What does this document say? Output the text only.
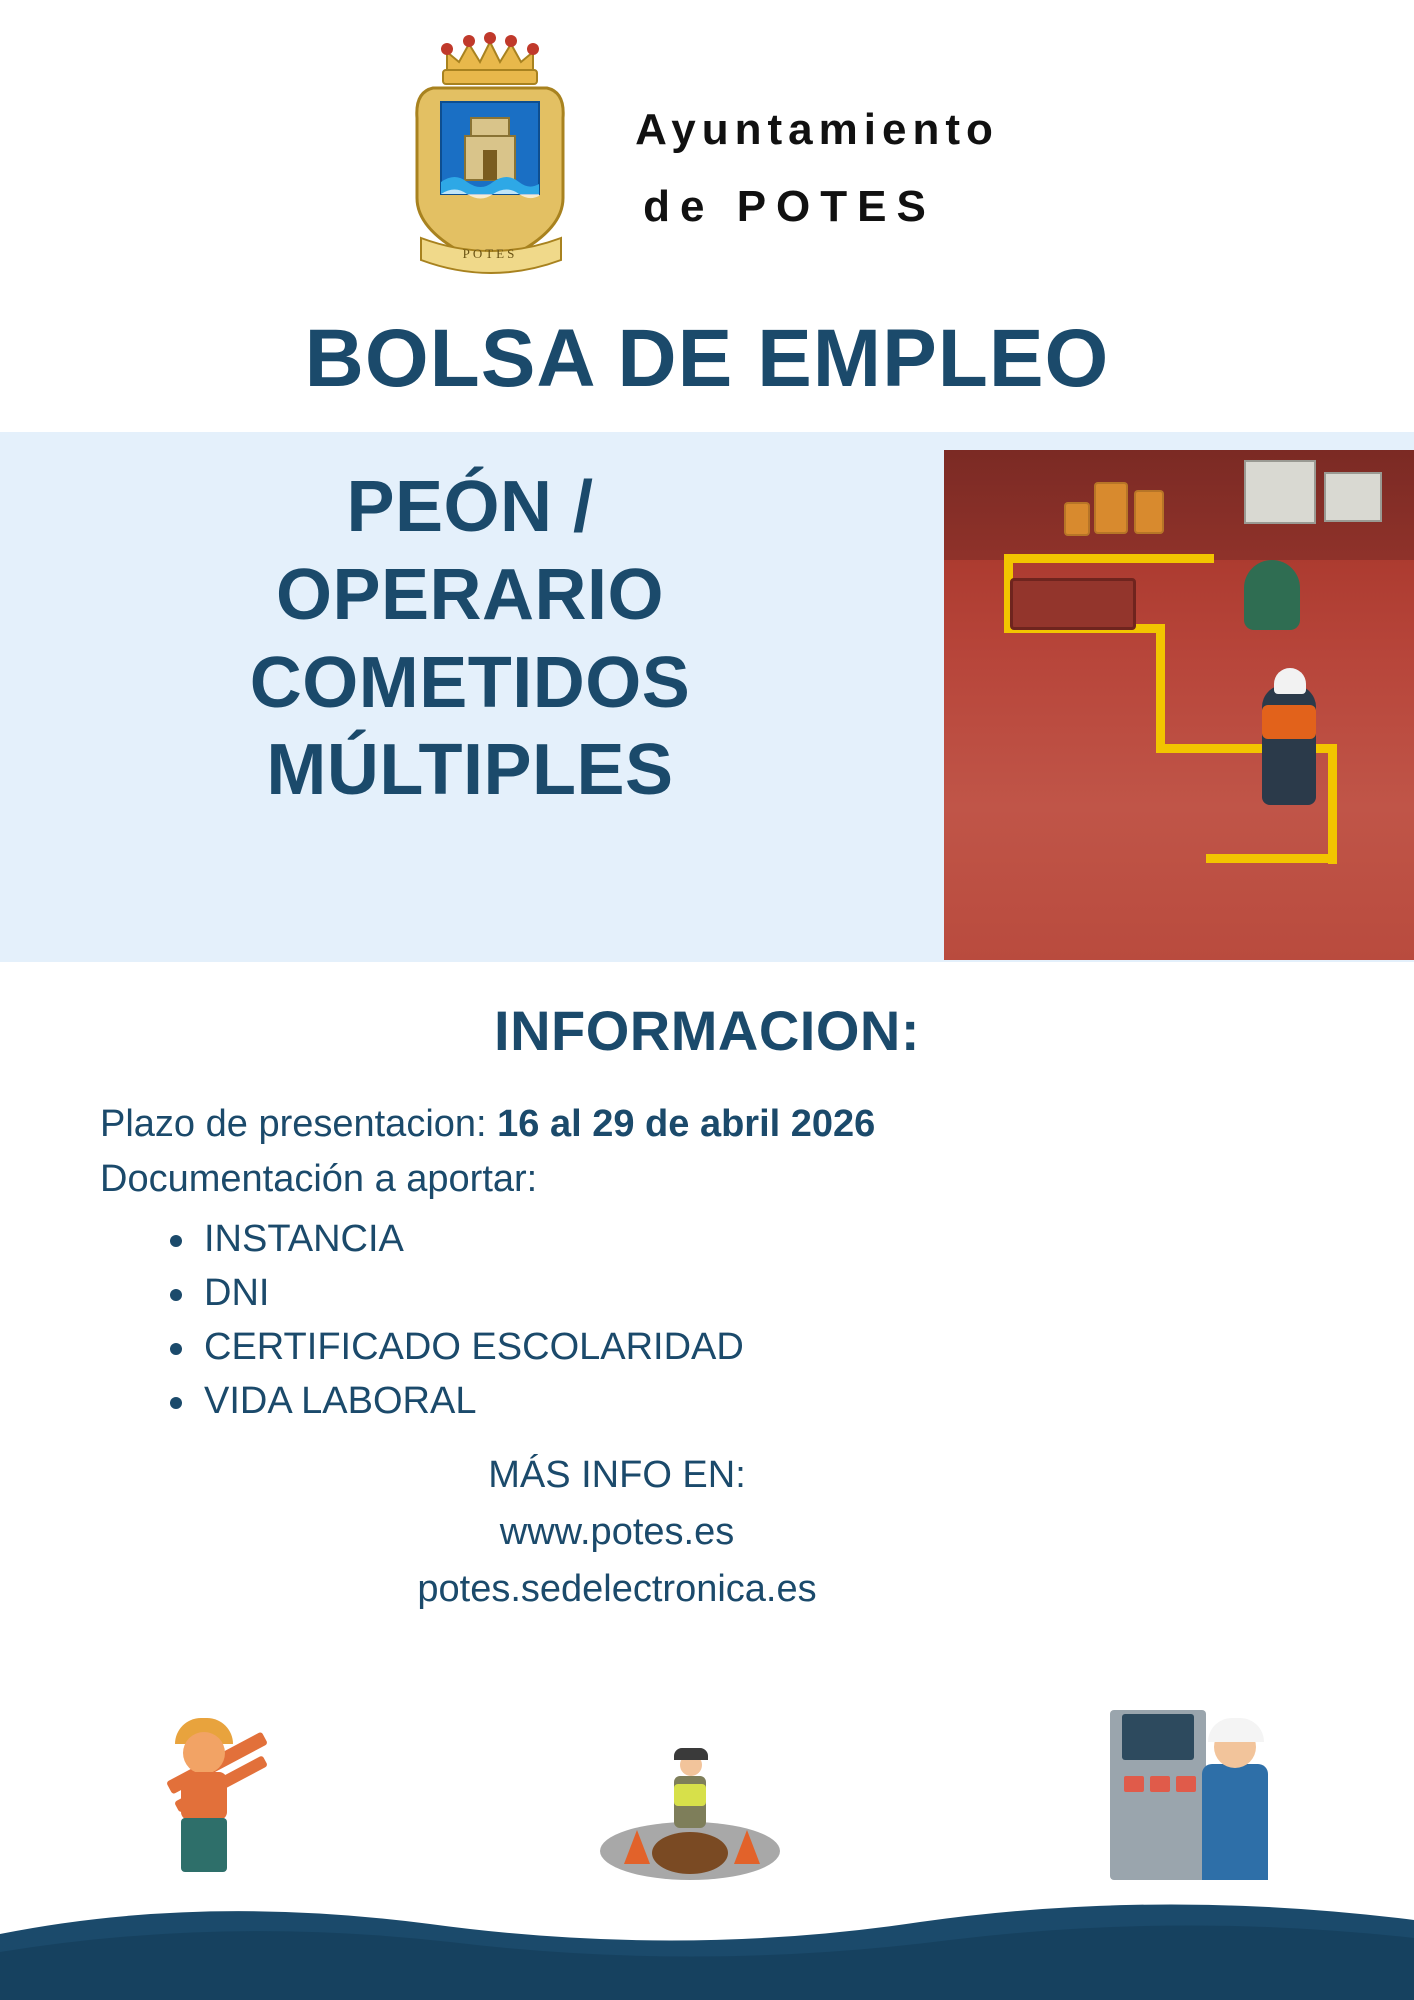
POTES
Ayuntamiento
de POTES
BOLSA DE EMPLEO
PEÓN /
OPERARIO
COMETIDOS
MÚLTIPLES
INFORMACION:
Plazo de presentacion: 16 al 29 de abril 2026
Documentación a aportar:
INSTANCIA
DNI
CERTIFICADO ESCOLARIDAD
VIDA LABORAL
MÁS INFO EN:
www.potes.es
potes.sedelectronica.es
